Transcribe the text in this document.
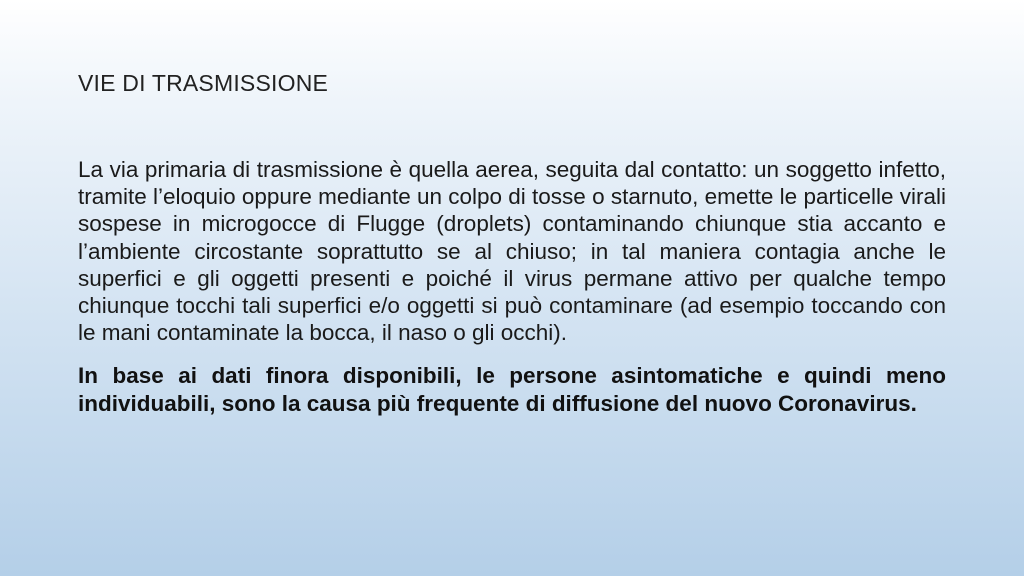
VIE DI TRASMISSIONE

La via primaria di trasmissione è quella aerea, seguita dal contatto: un soggetto infetto, tramite l’eloquio oppure mediante un colpo di tosse o starnuto, emette le particelle virali sospese in microgocce di Flugge (droplets) contaminando chiunque stia accanto e l’ambiente circostante soprattutto se al chiuso; in tal maniera contagia anche le superfici e gli oggetti presenti e poiché il virus permane attivo per qualche tempo chiunque tocchi tali superfici e/o oggetti si può contaminare (ad esempio toccando con le mani contaminate la bocca, il naso o gli occhi).

In base ai dati finora disponibili, le persone asintomatiche e quindi meno individuabili, sono la causa più frequente di diffusione del nuovo Coronavirus.
